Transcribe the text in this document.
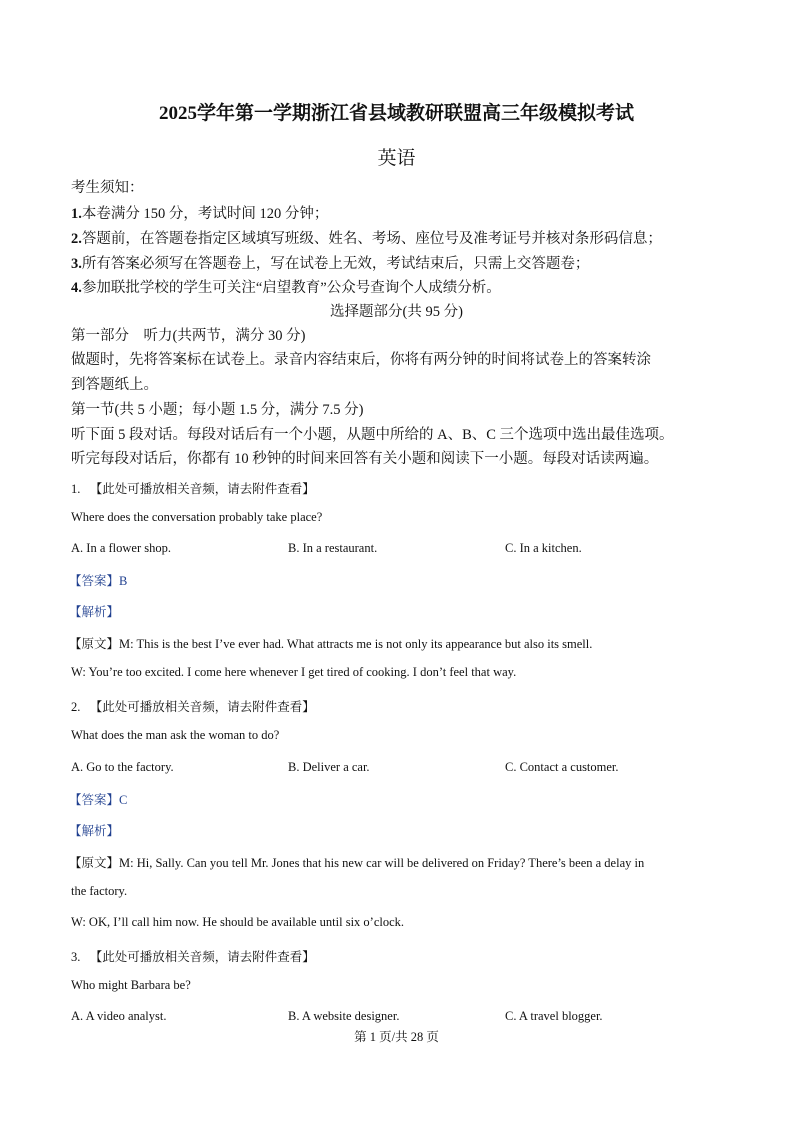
2025学年第一学期浙江省县域教研联盟高三年级模拟考试
英语
考生须知：
1.本卷满分 150 分，考试时间 120 分钟；
2.答题前，在答题卷指定区域填写班级、姓名、考场、座位号及准考证号并核对条形码信息；
3.所有答案必须写在答题卷上，写在试卷上无效，考试结束后，只需上交答题卷；
4.参加联批学校的学生可关注“启望教育”公众号查询个人成绩分析。
选择题部分(共 95 分)
第一部分　听力(共两节，满分 30 分)
做题时，先将答案标在试卷上。录音内容结束后，你将有两分钟的时间将试卷上的答案转涂
到答题纸上。
第一节(共 5 小题；每小题 1.5 分，满分 7.5 分)
听下面 5 段对话。每段对话后有一个小题，从题中所给的 A、B、C 三个选项中选出最佳选项。
听完每段对话后，你都有 10 秒钟的时间来回答有关小题和阅读下一小题。每段对话读两遍。
1. 【此处可播放相关音频，请去附件查看】
Where does the conversation probably take place?
A. In a flower shop.	B. In a restaurant.	C. In a kitchen.
【答案】B
【解析】
【原文】M: This is the best I’ve ever had. What attracts me is not only its appearance but also its smell.
W: You’re too excited. I come here whenever I get tired of cooking. I don’t feel that way.
2. 【此处可播放相关音频，请去附件查看】
What does the man ask the woman to do?
A. Go to the factory.	B. Deliver a car.	C. Contact a customer.
【答案】C
【解析】
【原文】M: Hi, Sally. Can you tell Mr. Jones that his new car will be delivered on Friday? There’s been a delay in
the factory.
W: OK, I’ll call him now. He should be available until six o’clock.
3. 【此处可播放相关音频，请去附件查看】
Who might Barbara be?
A. A video analyst.	B. A website designer.	C. A travel blogger.
第 1 页/共 28 页
